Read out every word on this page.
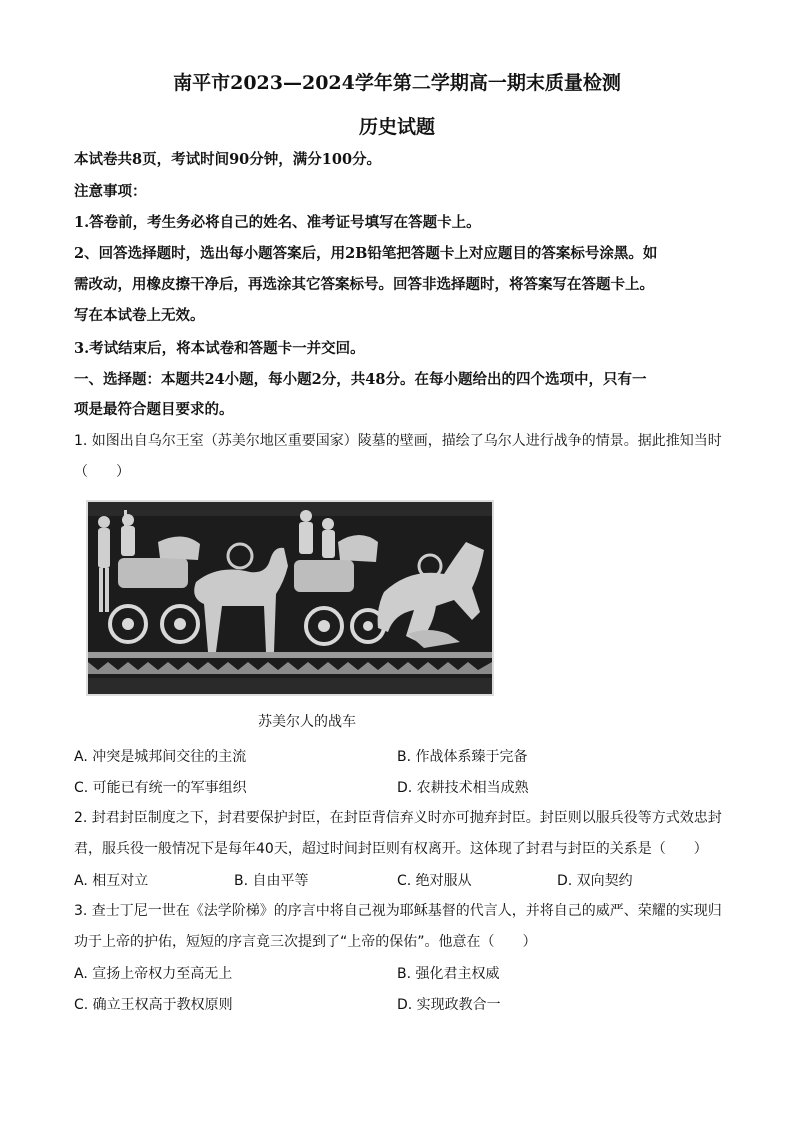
南平市2023—2024学年第二学期高一期末质量检测
历史试题
本试卷共8页，考试时间90分钟，满分100分。
注意事项：
1.答卷前，考生务必将自己的姓名、准考证号填写在答题卡上。
2、回答选择题时，选出每小题答案后，用2B铅笔把答题卡上对应题目的答案标号涂黑。如
需改动，用橡皮擦干净后，再选涂其它答案标号。回答非选择题时，将答案写在答题卡上。
写在本试卷上无效。
3.考试结束后，将本试卷和答题卡一并交回。
一、选择题：本题共24小题，每小题2分，共48分。在每小题给出的四个选项中，只有一
项是最符合题目要求的。
1. 如图出自乌尔王室（苏美尔地区重要国家）陵墓的壁画，描绘了乌尔人进行战争的情景。据此推知当时
（　　）
苏美尔人的战车
A. 冲突是城邦间交往的主流	B. 作战体系臻于完备
C. 可能已有统一的军事组织	D. 农耕技术相当成熟
2. 封君封臣制度之下，封君要保护封臣，在封臣背信弃义时亦可抛弃封臣。封臣则以服兵役等方式效忠封
君，服兵役一般情况下是每年40天，超过时间封臣则有权离开。这体现了封君与封臣的关系是（　　）
A. 相互对立	B. 自由平等	C. 绝对服从	D. 双向契约
3. 查士丁尼一世在《法学阶梯》的序言中将自己视为耶稣基督的代言人，并将自己的威严、荣耀的实现归
功于上帝的护佑，短短的序言竟三次提到了“上帝的保佑”。他意在（　　）
A. 宣扬上帝权力至高无上	B. 强化君主权威
C. 确立王权高于教权原则	D. 实现政教合一
